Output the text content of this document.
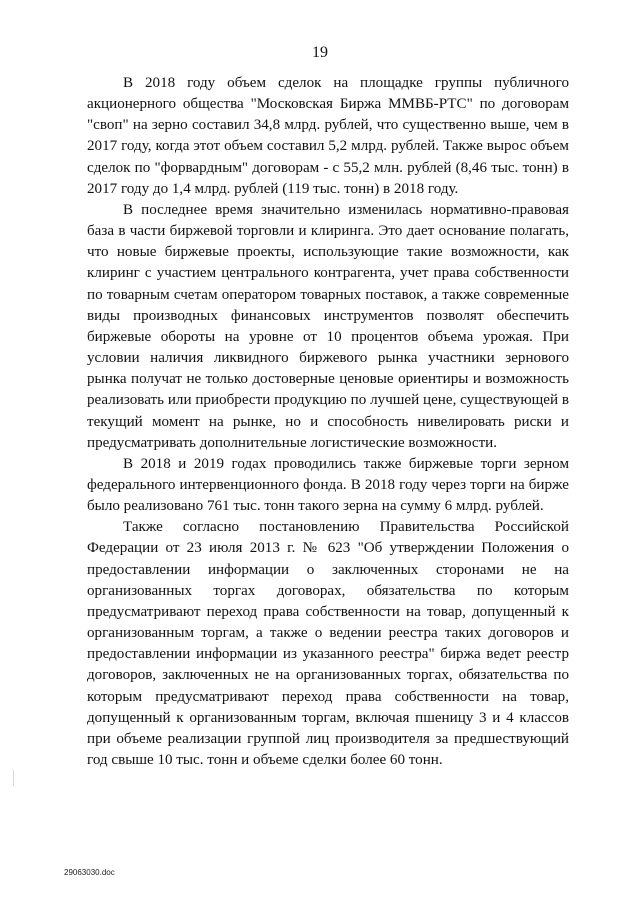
19

В 2018 году объем сделок на площадке группы публичного акционерного общества "Московская Биржа ММВБ-РТС" по договорам "своп" на зерно составил 34,8 млрд. рублей, что существенно выше, чем в 2017 году, когда этот объем составил 5,2 млрд. рублей. Также вырос объем сделок по "форвардным" договорам - с 55,2 млн. рублей (8,46 тыс. тонн) в 2017 году до 1,4 млрд. рублей (119 тыс. тонн) в 2018 году.

В последнее время значительно изменилась нормативно-правовая база в части биржевой торговли и клиринга. Это дает основание полагать, что новые биржевые проекты, использующие такие возможности, как клиринг с участием центрального контрагента, учет права собственности по товарным счетам оператором товарных поставок, а также современные виды производных финансовых инструментов позволят обеспечить биржевые обороты на уровне от 10 процентов объема урожая. При условии наличия ликвидного биржевого рынка участники зернового рынка получат не только достоверные ценовые ориентиры и возможность реализовать или приобрести продукцию по лучшей цене, существующей в текущий момент на рынке, но и способность нивелировать риски и предусматривать дополнительные логистические возможности.

В 2018 и 2019 годах проводились также биржевые торги зерном федерального интервенционного фонда. В 2018 году через торги на бирже было реализовано 761 тыс. тонн такого зерна на сумму 6 млрд. рублей.

Также согласно постановлению Правительства Российской Федерации от 23 июля 2013 г. № 623 "Об утверждении Положения о предоставлении информации о заключенных сторонами не на организованных торгах договорах, обязательства по которым предусматривают переход права собственности на товар, допущенный к организованным торгам, а также о ведении реестра таких договоров и предоставлении информации из указанного реестра" биржа ведет реестр договоров, заключенных не на организованных торгах, обязательства по которым предусматривают переход права собственности на товар, допущенный к организованным торгам, включая пшеницу 3 и 4 классов при объеме реализации группой лиц производителя за предшествующий год свыше 10 тыс. тонн и объеме сделки более 60 тонн.

29063030.doc
